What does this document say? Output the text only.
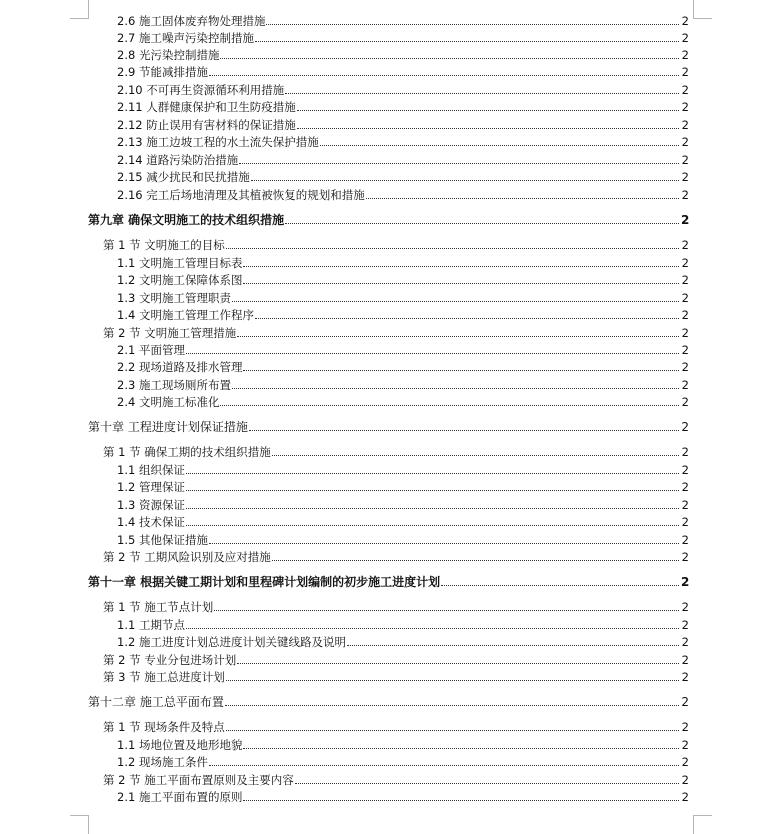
2.6 施工固体废弃物处理措施	2
2.7 施工噪声污染控制措施	2
2.8 光污染控制措施	2
2.9 节能减排措施	2
2.10 不可再生资源循环利用措施	2
2.11 人群健康保护和卫生防疫措施	2
2.12 防止误用有害材料的保证措施	2
2.13 施工边坡工程的水土流失保护措施	2
2.14 道路污染防治措施	2
2.15 减少扰民和民扰措施	2
2.16 完工后场地清理及其植被恢复的规划和措施	2
第九章 确保文明施工的技术组织措施	2
第 1 节 文明施工的目标	2
1.1 文明施工管理目标表	2
1.2 文明施工保障体系图	2
1.3 文明施工管理职责	2
1.4 文明施工管理工作程序	2
第 2 节 文明施工管理措施	2
2.1 平面管理	2
2.2 现场道路及排水管理	2
2.3 施工现场厕所布置	2
2.4 文明施工标准化	2
第十章 工程进度计划保证措施	2
第 1 节 确保工期的技术组织措施	2
1.1 组织保证	2
1.2 管理保证	2
1.3 资源保证	2
1.4 技术保证	2
1.5 其他保证措施	2
第 2 节 工期风险识别及应对措施	2
第十一章 根据关键工期计划和里程碑计划编制的初步施工进度计划	2
第 1 节 施工节点计划	2
1.1 工期节点	2
1.2 施工进度计划总进度计划关键线路及说明	2
第 2 节 专业分包进场计划	2
第 3 节 施工总进度计划	2
第十二章 施工总平面布置	2
第 1 节 现场条件及特点	2
1.1 场地位置及地形地貌	2
1.2 现场施工条件	2
第 2 节 施工平面布置原则及主要内容	2
2.1 施工平面布置的原则	2
